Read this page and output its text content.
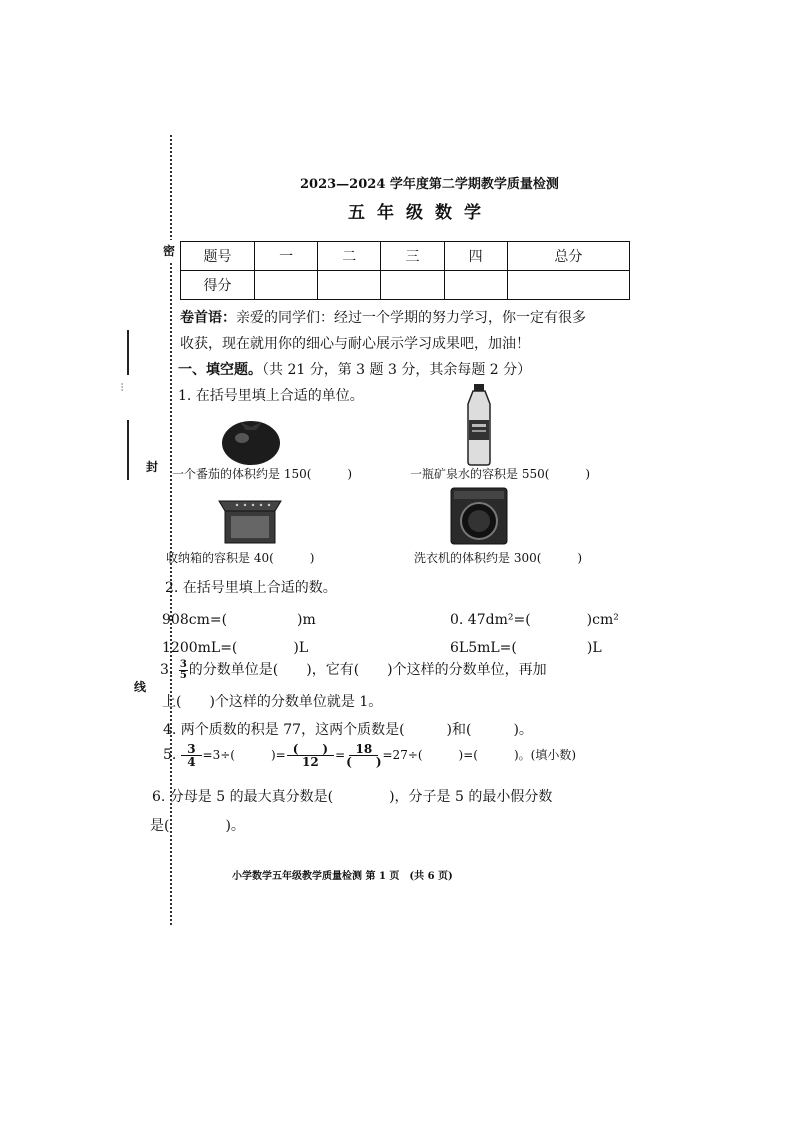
密
封
线
…
2023—2024 学年度第二学期教学质量检测
五年级数学
题号	一	二	三	四	总分
得分					
卷首语：亲爱的同学们：经过一个学期的努力学习，你一定有很多
收获，现在就用你的细心与耐心展示学习成果吧，加油！
一、填空题。（共 21 分，第 3 题 3 分，其余每题 2 分）
1. 在括号里填上合适的单位。
一个番茄的体积约是 150(　　　)	一瓶矿泉水的容积是 550(　　　)
收纳箱的容积是 40(　　　)	洗衣机的体积约是 300(　　　)
2. 在括号里填上合适的数。
908cm=(　　　　　)m	0. 47dm²=(　　　　)cm²
1200mL=(　　　　)L	6L5mL=(　　　　　)L
3. $\frac{3}{5}$ 的分数单位是(　　)，它有(　　)个这样的分数单位，再加
上(　　)个这样的分数单位就是 1。
4. 两个质数的积是 77，这两个质数是(　　　)和(　　　)。
5. $\frac{3}{4} =3\div$(　　　)= $\frac{( )}{12} = \frac{18}{( )} =27\div$(　　　)=(　　　)。(填小数)
6. 分母是 5 的最大真分数是(　　　　)，分子是 5 的最小假分数
是(　　　　)。
小学数学五年级教学质量检测 第 1 页　(共 6 页)
